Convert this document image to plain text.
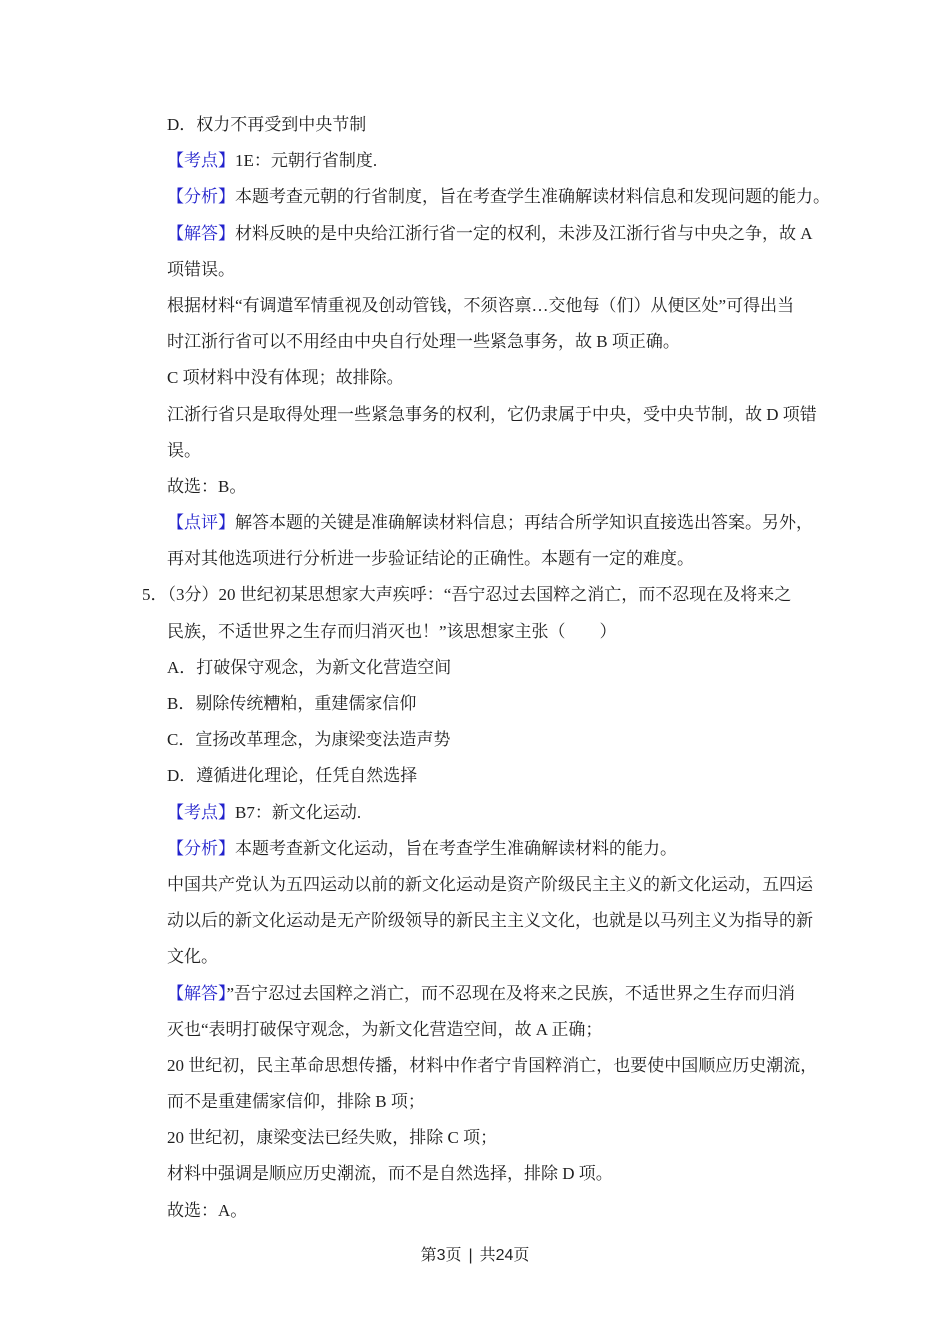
D．权力不再受到中央节制
【考点】1E：元朝行省制度.
【分析】本题考查元朝的行省制度，旨在考查学生准确解读材料信息和发现问题的能力。
【解答】材料反映的是中央给江浙行省一定的权利，未涉及江浙行省与中央之争，故 A
项错误。
根据材料“有调遣军情重视及创动管钱，不须咨禀…交他每（们）从便区处”可得出当
时江浙行省可以不用经由中央自行处理一些紧急事务，故 B 项正确。
C 项材料中没有体现；故排除。
江浙行省只是取得处理一些紧急事务的权利，它仍隶属于中央，受中央节制，故 D 项错
误。
故选：B。
【点评】解答本题的关键是准确解读材料信息；再结合所学知识直接选出答案。另外，
再对其他选项进行分析进一步验证结论的正确性。本题有一定的难度。
5．（3分）20 世纪初某思想家大声疾呼：“吾宁忍过去国粹之消亡，而不忍现在及将来之
民族，不适世界之生存而归消灭也！”该思想家主张（　　）
A．打破保守观念，为新文化营造空间
B．剔除传统糟粕，重建儒家信仰
C．宣扬改革理念，为康梁变法造声势
D．遵循进化理论，任凭自然选择
【考点】B7：新文化运动.
【分析】本题考查新文化运动，旨在考查学生准确解读材料的能力。
中国共产党认为五四运动以前的新文化运动是资产阶级民主主义的新文化运动，五四运
动以后的新文化运动是无产阶级领导的新民主主义文化，也就是以马列主义为指导的新
文化。
【解答】”吾宁忍过去国粹之消亡，而不忍现在及将来之民族，不适世界之生存而归消
灭也“表明打破保守观念，为新文化营造空间，故 A 正确；
20 世纪初，民主革命思想传播，材料中作者宁肯国粹消亡，也要使中国顺应历史潮流，
而不是重建儒家信仰，排除 B 项；
20 世纪初，康梁变法已经失败，排除 C 项；
材料中强调是顺应历史潮流，而不是自然选择，排除 D 项。
故选：A。
第3页 | 共24页
